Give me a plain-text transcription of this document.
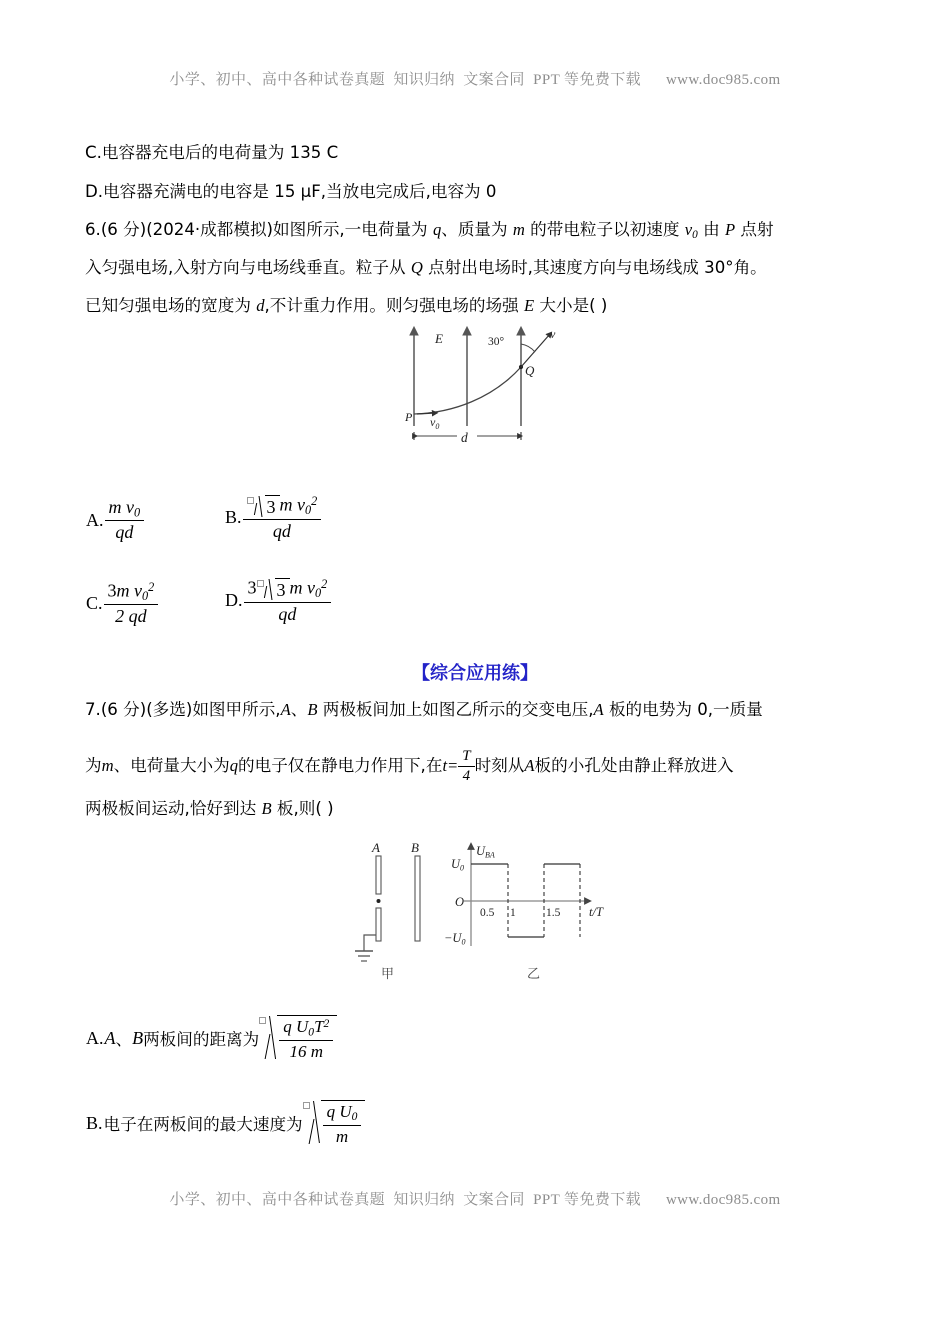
小学、初中、高中各种试卷真题  知识归纳  文案合同  PPT 等免费下载      www.doc985.com
C.电容器充电后的电荷量为 135 C
D.电容器充满电的电容是 15 μF,当放电完成后,电容为 0
6.(6 分)(2024·成都模拟)如图所示,一电荷量为 q、质量为 m 的带电粒子以初速度 $v_0$ 由 P 点射
入匀强电场,入射方向与电场线垂直。粒子从 Q 点射出电场时,其速度方向与电场线成 30°角。
已知匀强电场的宽度为 d,不计重力作用。则匀强电场的场强 E 大小是( )
E
P $v_0$
Q
v
30°
d
A. $\frac{m v_0}{qd}$	B. $\frac{3 m v_0^2}{qd}$
C. $\frac{3m v_0^2}{2 qd}$	D. $\frac{3 3 m v_0^2}{qd}$
【综合应用练】
7.(6 分)(多选)如图甲所示,A、B 两极板间加上如图乙所示的交变电压,A 板的电势为 0,一质量
为 m 、电荷量大小为 q 的电子仅在静电力作用下,在 $t= \frac{T}{4}$ 时刻从 A 板的小孔处由静止释放进入
两极板间运动,恰好到达 B 板,则( )
A B
甲
$U_{BA}$
t/T
$U_0$
$-U_0$
O
0.5 1	1.5
乙
A. A 、 B 两板间的距离为 $\frac{q U_0T^2}{16 m}$
B. 电子在两板间的最大速度为 $\frac{q U_0}{m}$
小学、初中、高中各种试卷真题  知识归纳  文案合同  PPT 等免费下载      www.doc985.com
